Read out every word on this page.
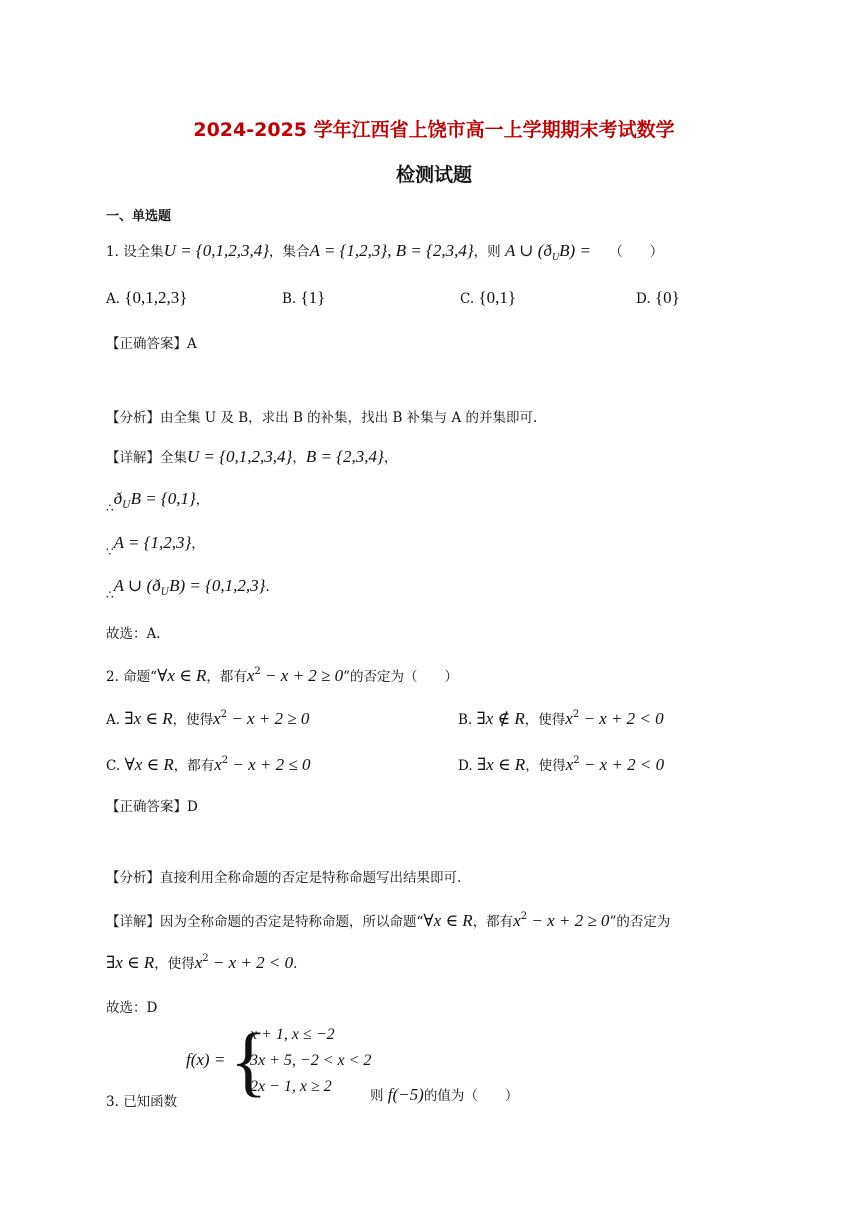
2024-2025 学年江西省上饶市高一上学期期末考试数学
检测试题
一、单选题
1. 设全集U = {0,1,2,3,4}，集合A = {1,2,3}, B = {2,3,4}，则 A ∪ $(ð_UB)$ = （　　）
A. {0,1,2,3}	B. {1}	C. {0,1}	D. {0}
【正确答案】A
【分析】由全集 U 及 B，求出 B 的补集，找出 B 补集与 A 的并集即可.
【详解】全集U = {0,1,2,3,4}，B = {2,3,4}，
$\therefore ð_UB = \{0,1\}$，
∵A = {1,2,3}，
∴A ∪ $(ð_UB) = \{0,1,2,3\}$.
故选：A.
2. 命题“∀x ∈ R，都有$x^2 - x + 2 \ge 0$”的否定为（　　）
A. ∃x ∈ R，使得$x^2 - x + 2 \ge 0$	B. ∃x ∉ R，使得$x^2 - x + 2 < 0$
C. ∀x ∈ R，都有$x^2 - x + 2 \le 0$	D. ∃x ∈ R，使得$x^2 - x + 2 < 0$
【正确答案】D
【分析】直接利用全称命题的否定是特称命题写出结果即可.
【详解】因为全称命题的否定是特称命题，所以命题“∀x ∈ R，都有$x^2 - x + 2 \ge 0$”的否定为
∃x ∈ R，使得$x^2 - x + 2 < 0$.
故选：D
f(x) = {
x + 1, x ≤ −2
3x + 5, −2 < x < 2
2x − 1, x ≥ 2
3. 已知函数	则 f(−5)的值为（　　）
